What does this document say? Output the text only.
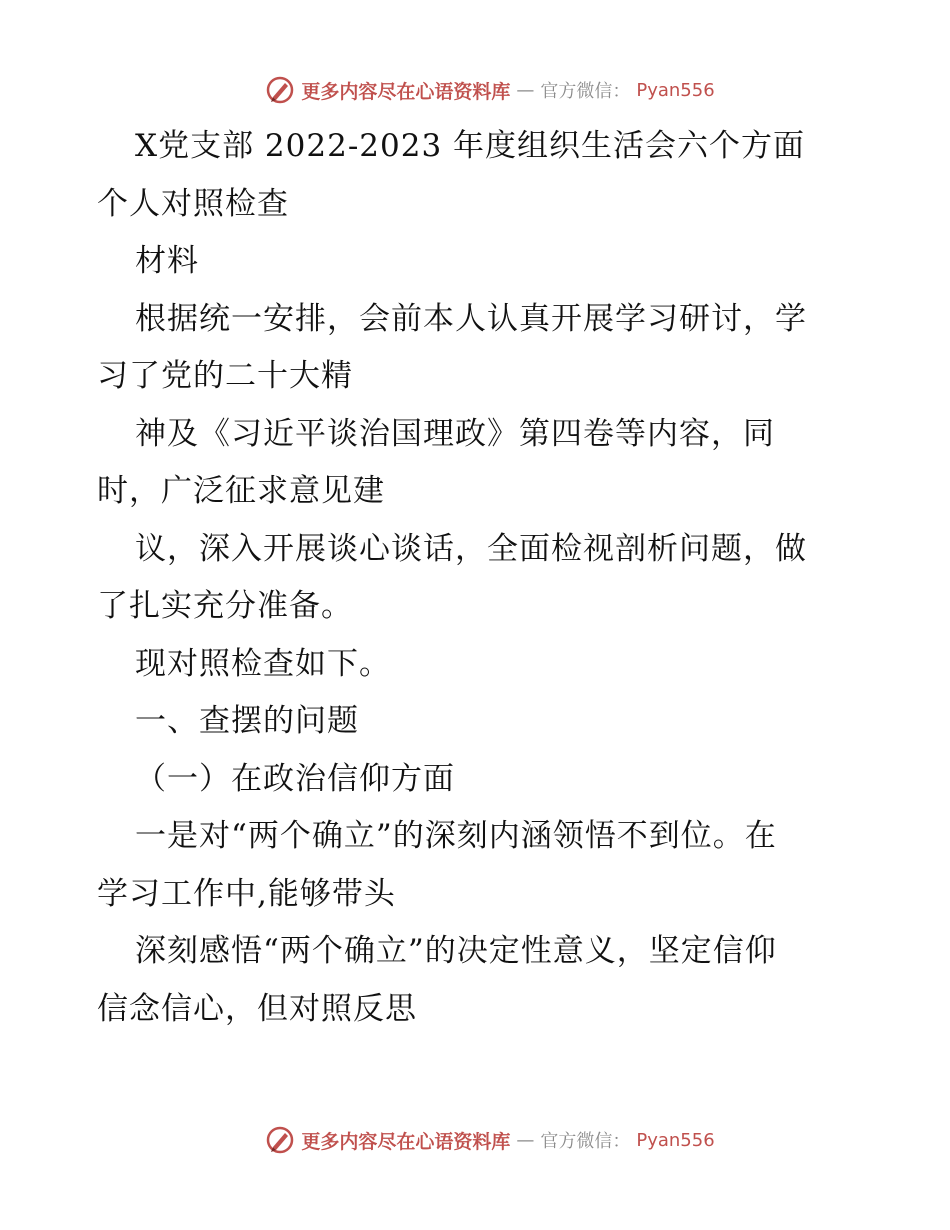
更多内容尽在心语资料库 — 官方微信： Pyan556
X党支部 2022-2023 年度组织生活会六个方面
个人对照检查
材料
根据统一安排，会前本人认真开展学习研讨，学
习了党的二十大精
神及《习近平谈治国理政》第四卷等内容，同
时，广泛征求意见建
议，深入开展谈心谈话，全面检视剖析问题，做
了扎实充分准备。
现对照检查如下。
一、查摆的问题
（一）在政治信仰方面
一是对“两个确立”的深刻内涵领悟不到位。在
学习工作中,能够带头
深刻感悟“两个确立”的决定性意义，坚定信仰
信念信心，但对照反思
更多内容尽在心语资料库 — 官方微信： Pyan556
